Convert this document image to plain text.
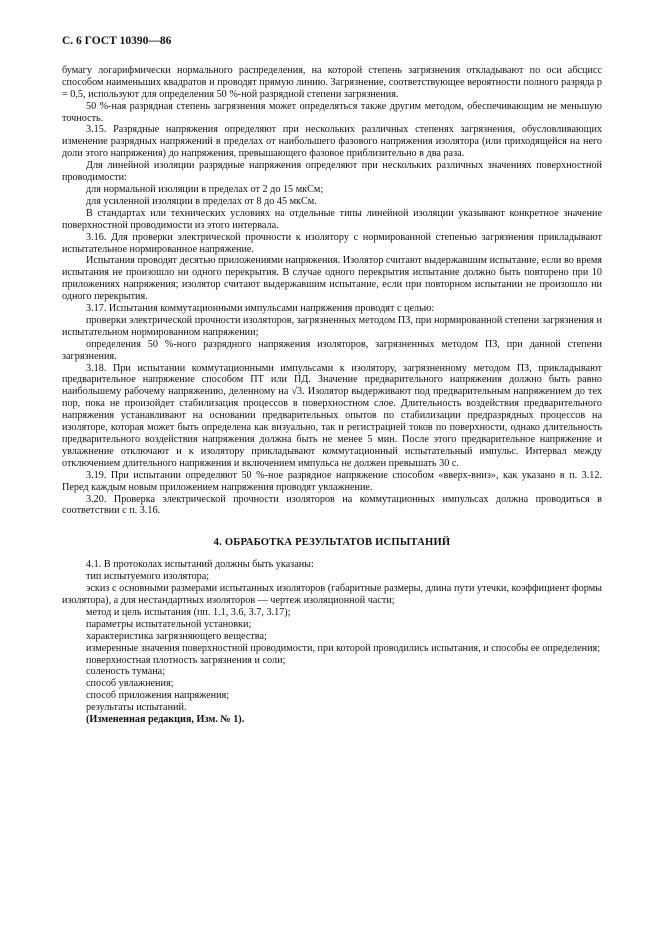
С. 6 ГОСТ 10390—86

бумагу логарифмически нормального распределения, на которой степень загрязнения откладывают по оси абсцисс способом наименьших квадратов и проводят прямую линию. Загрязнение, соответствующее вероятности полного разряда p = 0,5, используют для определения 50 %-ной разрядной степени загрязнения.

50 %-ная разрядная степень загрязнения может определяться также другим методом, обеспечивающим не меньшую точность.

3.15. Разрядные напряжения определяют при нескольких различных степенях загрязнения, обусловливающих изменение разрядных напряжений в пределах от наибольшего фазового напряжения изолятора (или приходящейся на него доли этого напряжения) до напряжения, превышающего фазовое приблизительно в два раза.

Для линейной изоляции разрядные напряжения определяют при нескольких различных значениях поверхностной проводимости:

для нормальной изоляции в пределах от 2 до 15 мкСм;

для усиленной изоляции в пределах от 8 до 45 мкСм.

В стандартах или технических условиях на отдельные типы линейной изоляции указывают конкретное значение поверхностной проводимости из этого интервала.

3.16. Для проверки электрической прочности к изолятору с нормированной степенью загрязнения прикладывают испытательное нормированное напряжение.

Испытания проводят десятью приложениями напряжения. Изолятор считают выдержавшим испытание, если во время испытания не произошло ни одного перекрытия. В случае одного перекрытия испытание должно быть повторено при 10 приложениях напряжения; изолятор считают выдержавшим испытание, если при повторном испытании не произошло ни одного перекрытия.

3.17. Испытания коммутационными импульсами напряжения проводят с целью:

проверки электрической прочности изоляторов, загрязненных методом ПЗ, при нормированной степени загрязнения и испытательном нормированном напряжении;

определения 50 %-ного разрядного напряжения изоляторов, загрязненных методом ПЗ, при данной степени загрязнения.

3.18. При испытании коммутационными импульсами к изолятору, загрязненному методом ПЗ, прикладывают предварительное напряжение способом ПТ или ПД. Значение предварительного напряжения должно быть равно наибольшему рабочему напряжению, деленному на √3. Изолятор выдерживают под предварительным напряжением до тех пор, пока не произойдет стабилизация процессов в поверхностном слое. Длительность воздействия предварительного напряжения устанавливают на основании предварительных опытов по стабилизации предразрядных процессов на изоляторе, которая может быть определена как визуально, так и регистрацией токов по поверхности, однако длительность предварительного воздействия напряжения должна быть не менее 5 мин. После этого предварительное напряжение и увлажнение отключают и к изолятору прикладывают коммутационный испытательный импульс. Интервал между отключением длительного напряжения и включением импульса не должен превышать 30 с.

3.19. При испытании определяют 50 %-ное разрядное напряжение способом «вверх-вниз», как указано в п. 3.12. Перед каждым новым приложением напряжения проводят увлажнение.

3.20. Проверка электрической прочности изоляторов на коммутационных импульсах должна проводиться в соответствии с п. 3.16.

4. ОБРАБОТКА РЕЗУЛЬТАТОВ ИСПЫТАНИЙ

4.1. В протоколах испытаний должны быть указаны:

тип испытуемого изолятора;

эскиз с основными размерами испытанных изоляторов (габаритные размеры, длина пути утечки, коэффициент формы изолятора), а для нестандартных изоляторов — чертеж изоляционной части;

метод и цель испытания (пп. 1.1, 3.6, 3.7, 3.17);

параметры испытательной установки;

характеристика загрязняющего вещества;

измеренные значения поверхностной проводимости, при которой проводились испытания, и способы ее определения;

поверхностная плотность загрязнения и соли;

соленость тумана;

способ увлажнения;

способ приложения напряжения;

результаты испытаний.

(Измененная редакция, Изм. № 1).
